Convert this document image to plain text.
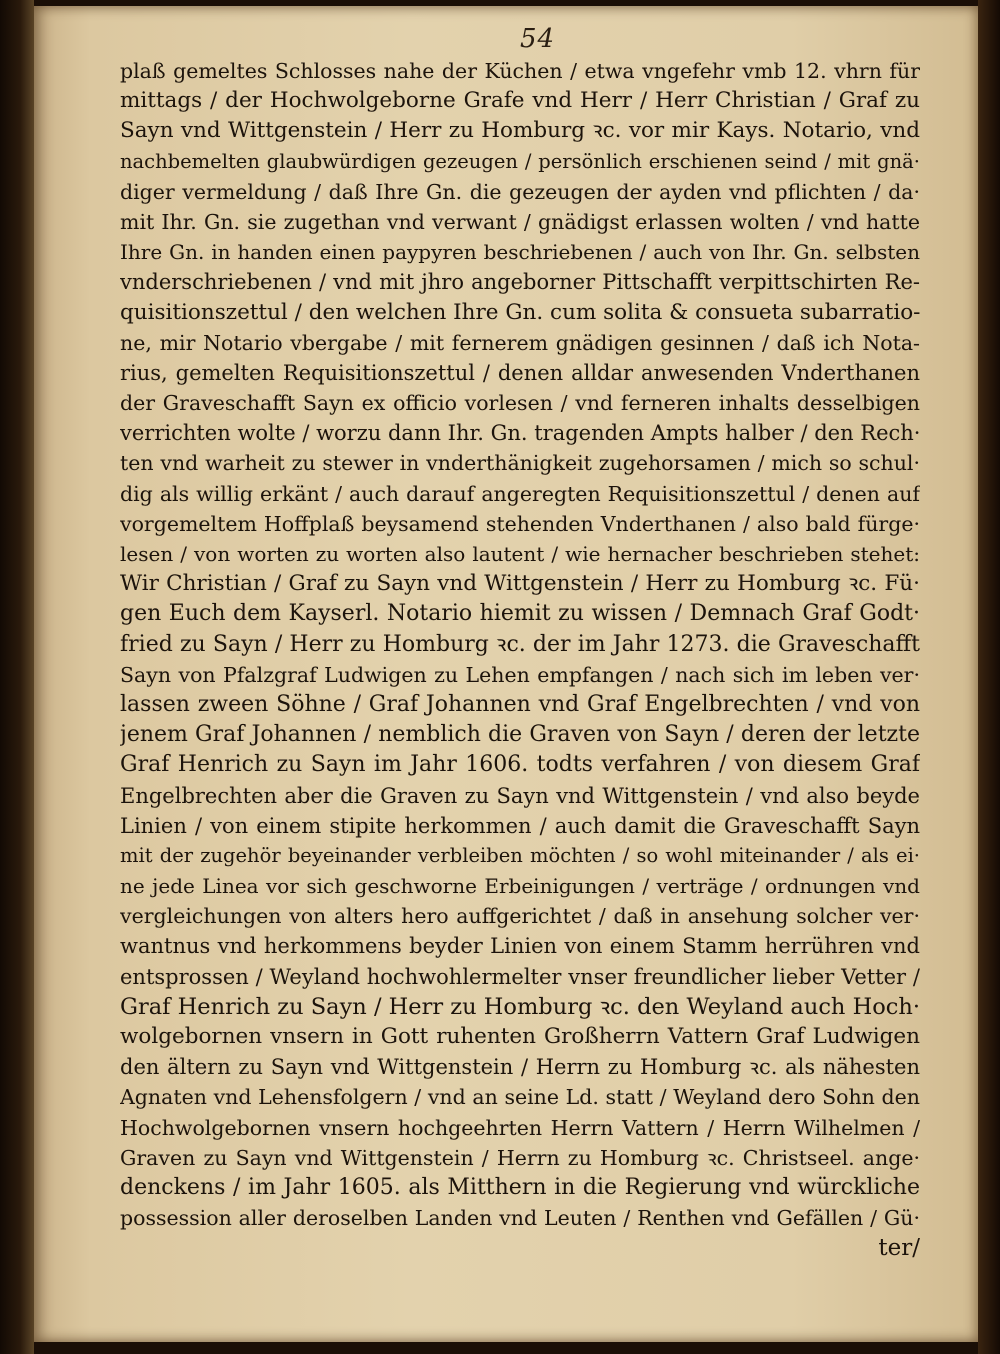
54
plaß gemeltes Schlosses nahe der Küchen / etwa vngefehr vmb 12. vhrn für
mittags / der Hochwolgeborne Grafe vnd Herr / Herr Christian / Graf zu
Sayn vnd Wittgenstein / Herr zu Homburg ꝛc. vor mir Kays. Notario, vnd
nachbemelten glaubwürdigen gezeugen / persönlich erschienen seind / mit gnä·
diger vermeldung / daß Ihre Gn. die gezeugen der ayden vnd pflichten / da·
mit Ihr. Gn. sie zugethan vnd verwant / gnädigst erlassen wolten / vnd hatte
Ihre Gn. in handen einen paypyren beschriebenen / auch von Ihr. Gn. selbsten
vnderschriebenen / vnd mit jhro angeborner Pittschafft verpittschirten Re-
quisitionszettul / den welchen Ihre Gn. cum solita & consueta subarratio-
ne, mir Notario vbergabe / mit fernerem gnädigen gesinnen / daß ich Nota-
rius, gemelten Requisitionszettul / denen alldar anwesenden Vnderthanen
der Graveschafft Sayn ex officio vorlesen / vnd ferneren inhalts desselbigen
verrichten wolte / worzu dann Ihr. Gn. tragenden Ampts halber / den Rech·
ten vnd warheit zu stewer in vnderthänigkeit zugehorsamen / mich so schul·
dig als willig erkänt / auch darauf angeregten Requisitionszettul / denen auf
vorgemeltem Hoffplaß beysamend stehenden Vnderthanen / also bald fürge·
lesen / von worten zu worten also lautent / wie hernacher beschrieben stehet:
Wir Christian / Graf zu Sayn vnd Wittgenstein / Herr zu Homburg ꝛc. Fü·
gen Euch dem Kayserl. Notario hiemit zu wissen / Demnach Graf Godt·
fried zu Sayn / Herr zu Homburg ꝛc. der im Jahr 1273. die Graveschafft
Sayn von Pfalzgraf Ludwigen zu Lehen empfangen / nach sich im leben ver·
lassen zween Söhne / Graf Johannen vnd Graf Engelbrechten / vnd von
jenem Graf Johannen / nemblich die Graven von Sayn / deren der letzte
Graf Henrich zu Sayn im Jahr 1606. todts verfahren / von diesem Graf
Engelbrechten aber die Graven zu Sayn vnd Wittgenstein / vnd also beyde
Linien / von einem stipite herkommen / auch damit die Graveschafft Sayn
mit der zugehör beyeinander verbleiben möchten / so wohl miteinander / als ei·
ne jede Linea vor sich geschworne Erbeinigungen / verträge / ordnungen vnd
vergleichungen von alters hero auffgerichtet / daß in ansehung solcher ver·
wantnus vnd herkommens beyder Linien von einem Stamm herrühren vnd
entsprossen / Weyland hochwohlermelter vnser freundlicher lieber Vetter /
Graf Henrich zu Sayn / Herr zu Homburg ꝛc. den Weyland auch Hoch·
wolgebornen vnsern in Gott ruhenten Großherrn Vattern Graf Ludwigen
den ältern zu Sayn vnd Wittgenstein / Herrn zu Homburg ꝛc. als nähesten
Agnaten vnd Lehensfolgern / vnd an seine Ld. statt / Weyland dero Sohn den
Hochwolgebornen vnsern hochgeehrten Herrn Vattern / Herrn Wilhelmen /
Graven zu Sayn vnd Wittgenstein / Herrn zu Homburg ꝛc. Christseel. ange·
denckens / im Jahr 1605. als Mitthern in die Regierung vnd würckliche
possession aller deroselben Landen vnd Leuten / Renthen vnd Gefällen / Gü·
ter/
